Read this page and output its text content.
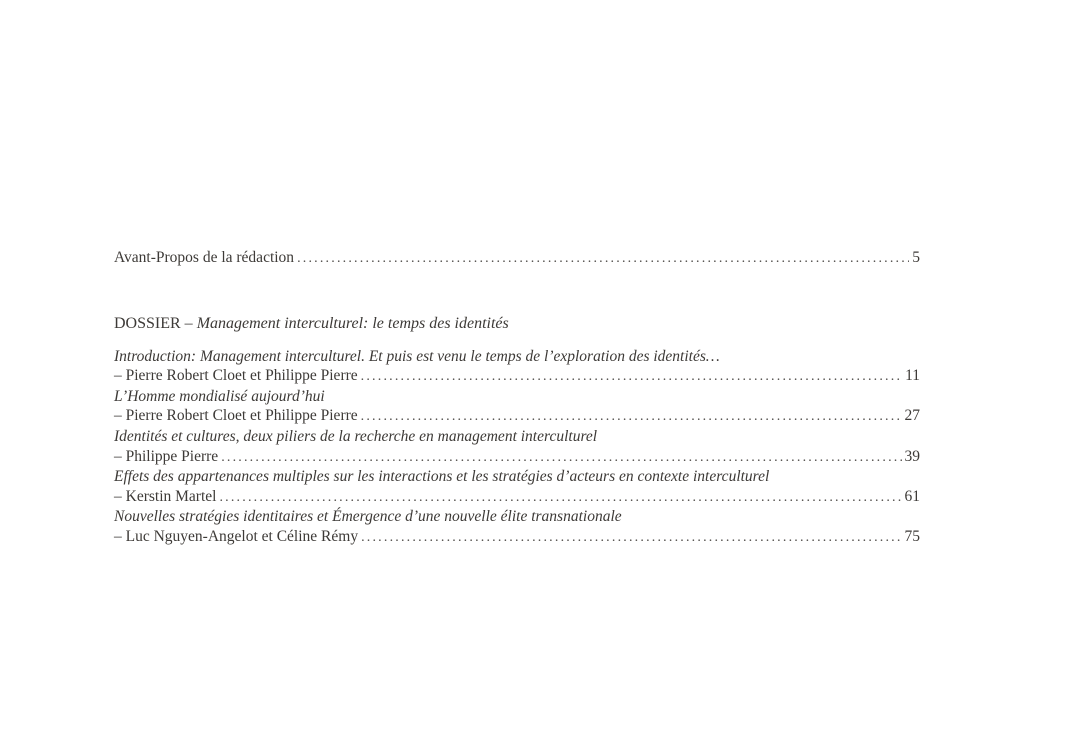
Avant-Propos de la rédaction .....	5
DOSSIER – Management interculturel: le temps des identités
Introduction: Management interculturel. Et puis est venu le temps de l’exploration des identités…
– Pierre Robert Cloet et Philippe Pierre .....	11
L’Homme mondialisé aujourd’hui
– Pierre Robert Cloet et Philippe Pierre .....	27
Identités et cultures, deux piliers de la recherche en management interculturel
– Philippe Pierre .....	39
Effets des appartenances multiples sur les interactions et les stratégies d’acteurs en contexte interculturel
– Kerstin Martel .....	61
Nouvelles stratégies identitaires et Émergence d’une nouvelle élite transnationale
– Luc Nguyen-Angelot et Céline Rémy .....	75
